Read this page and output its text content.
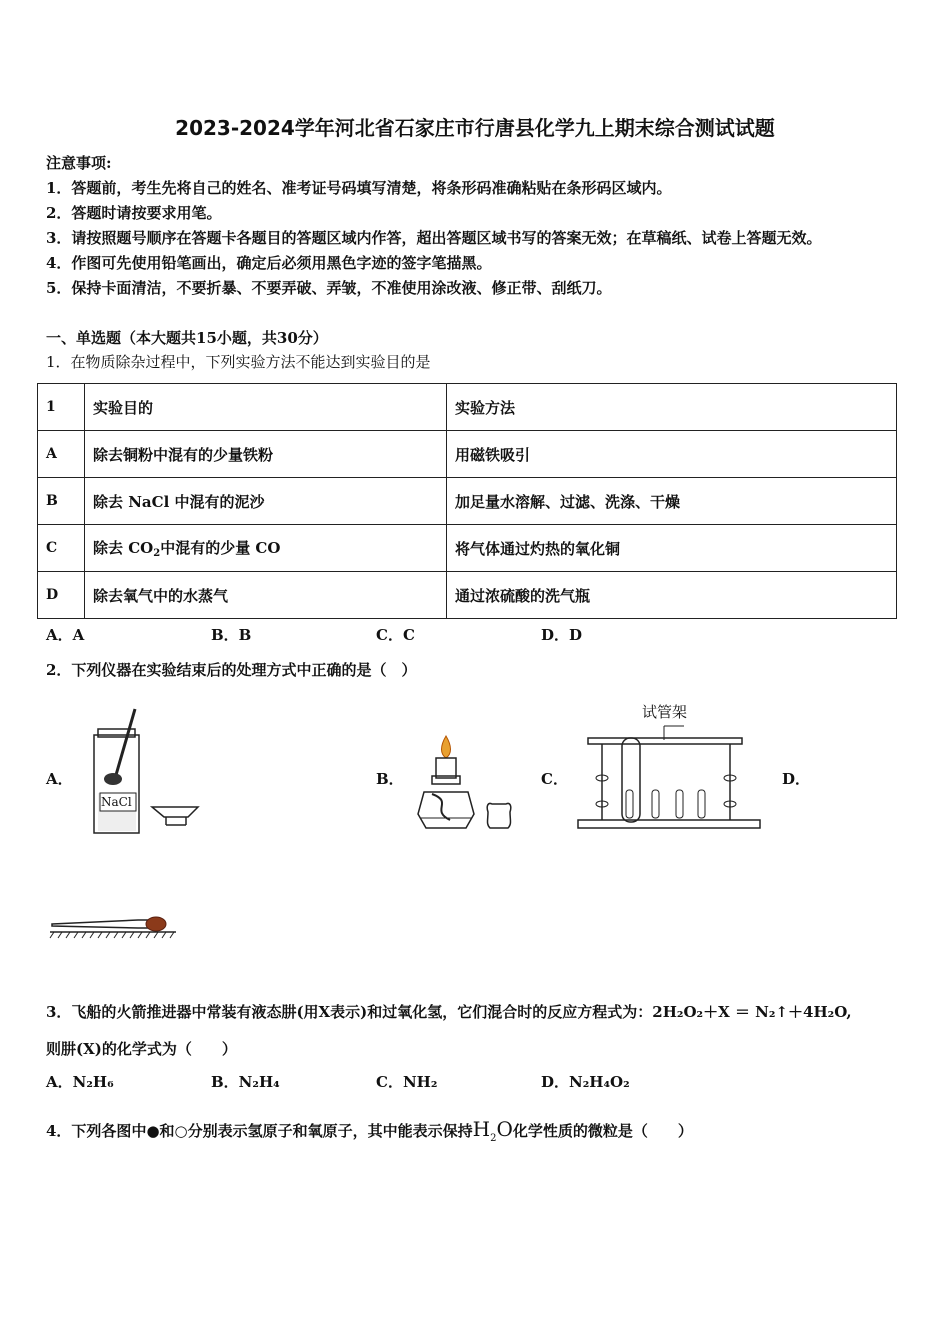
2023-2024学年河北省石家庄市行唐县化学九上期末综合测试试题
注意事项:
1．答题前，考生先将自己的姓名、准考证号码填写清楚，将条形码准确粘贴在条形码区域内。
2．答题时请按要求用笔。
3．请按照题号顺序在答题卡各题目的答题区域内作答，超出答题区域书写的答案无效；在草稿纸、试卷上答题无效。
4．作图可先使用铅笔画出，确定后必须用黑色字迹的签字笔描黑。
5．保持卡面清洁，不要折暴、不要弄破、弄皱，不准使用涂改液、修正带、刮纸刀。
一、单选题（本大题共15小题，共30分）
1．在物质除杂过程中，下列实验方法不能达到实验目的是
1	实验目的	实验方法
A	除去铜粉中混有的少量铁粉	用磁铁吸引
B	除去 NaCl 中混有的泥沙	加足量水溶解、过滤、洗涤、干燥
C	除去 $CO_2$中混有的少量 CO	将气体通过灼热的氧化铜
D	除去氧气中的水蒸气	通过浓硫酸的洗气瓶
A．A	B．B	C．C	D．D
2．下列仪器在实验结束后的处理方式中正确的是（　）
A．	B．	C．	D．
NaCl
试管架
3．飞船的火箭推进器中常装有液态肼(用X表示)和过氧化氢，它们混合时的反应方程式为：2H₂O₂＋X ＝ N₂↑＋4H₂O,
则肼(X)的化学式为（　　）
A．N₂H₆	B．N₂H₄	C．NH₂	D．N₂H₄O₂
4．下列各图中●和○分别表示氢原子和氧原子，其中能表示保持$H_2O$化学性质的微粒是（　　）
